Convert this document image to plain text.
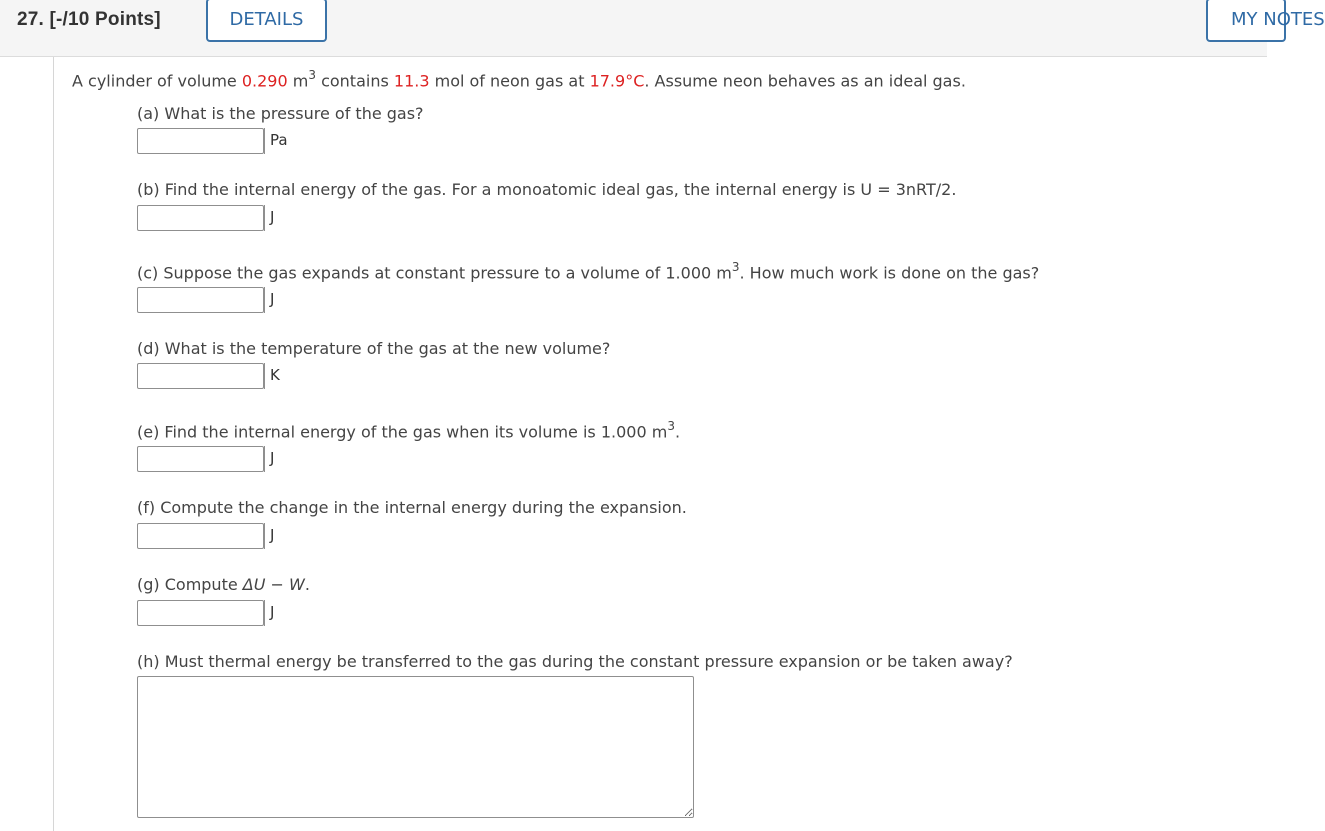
27. [-/10 Points]	DETAILS	MY NOTES
A cylinder of volume 0.290 $m^3$ contains 11.3 mol of neon gas at 17.9°C. Assume neon behaves as an ideal gas.
(a) What is the pressure of the gas?
Pa
(b) Find the internal energy of the gas. For a monoatomic ideal gas, the internal energy is U = 3nRT/2.
J
(c) Suppose the gas expands at constant pressure to a volume of 1.000 $m^3$. How much work is done on the gas?
J
(d) What is the temperature of the gas at the new volume?
K
(e) Find the internal energy of the gas when its volume is 1.000 $m^3$.
J
(f) Compute the change in the internal energy during the expansion.
J
(g) Compute ΔU − W.
J
(h) Must thermal energy be transferred to the gas during the constant pressure expansion or be taken away?
